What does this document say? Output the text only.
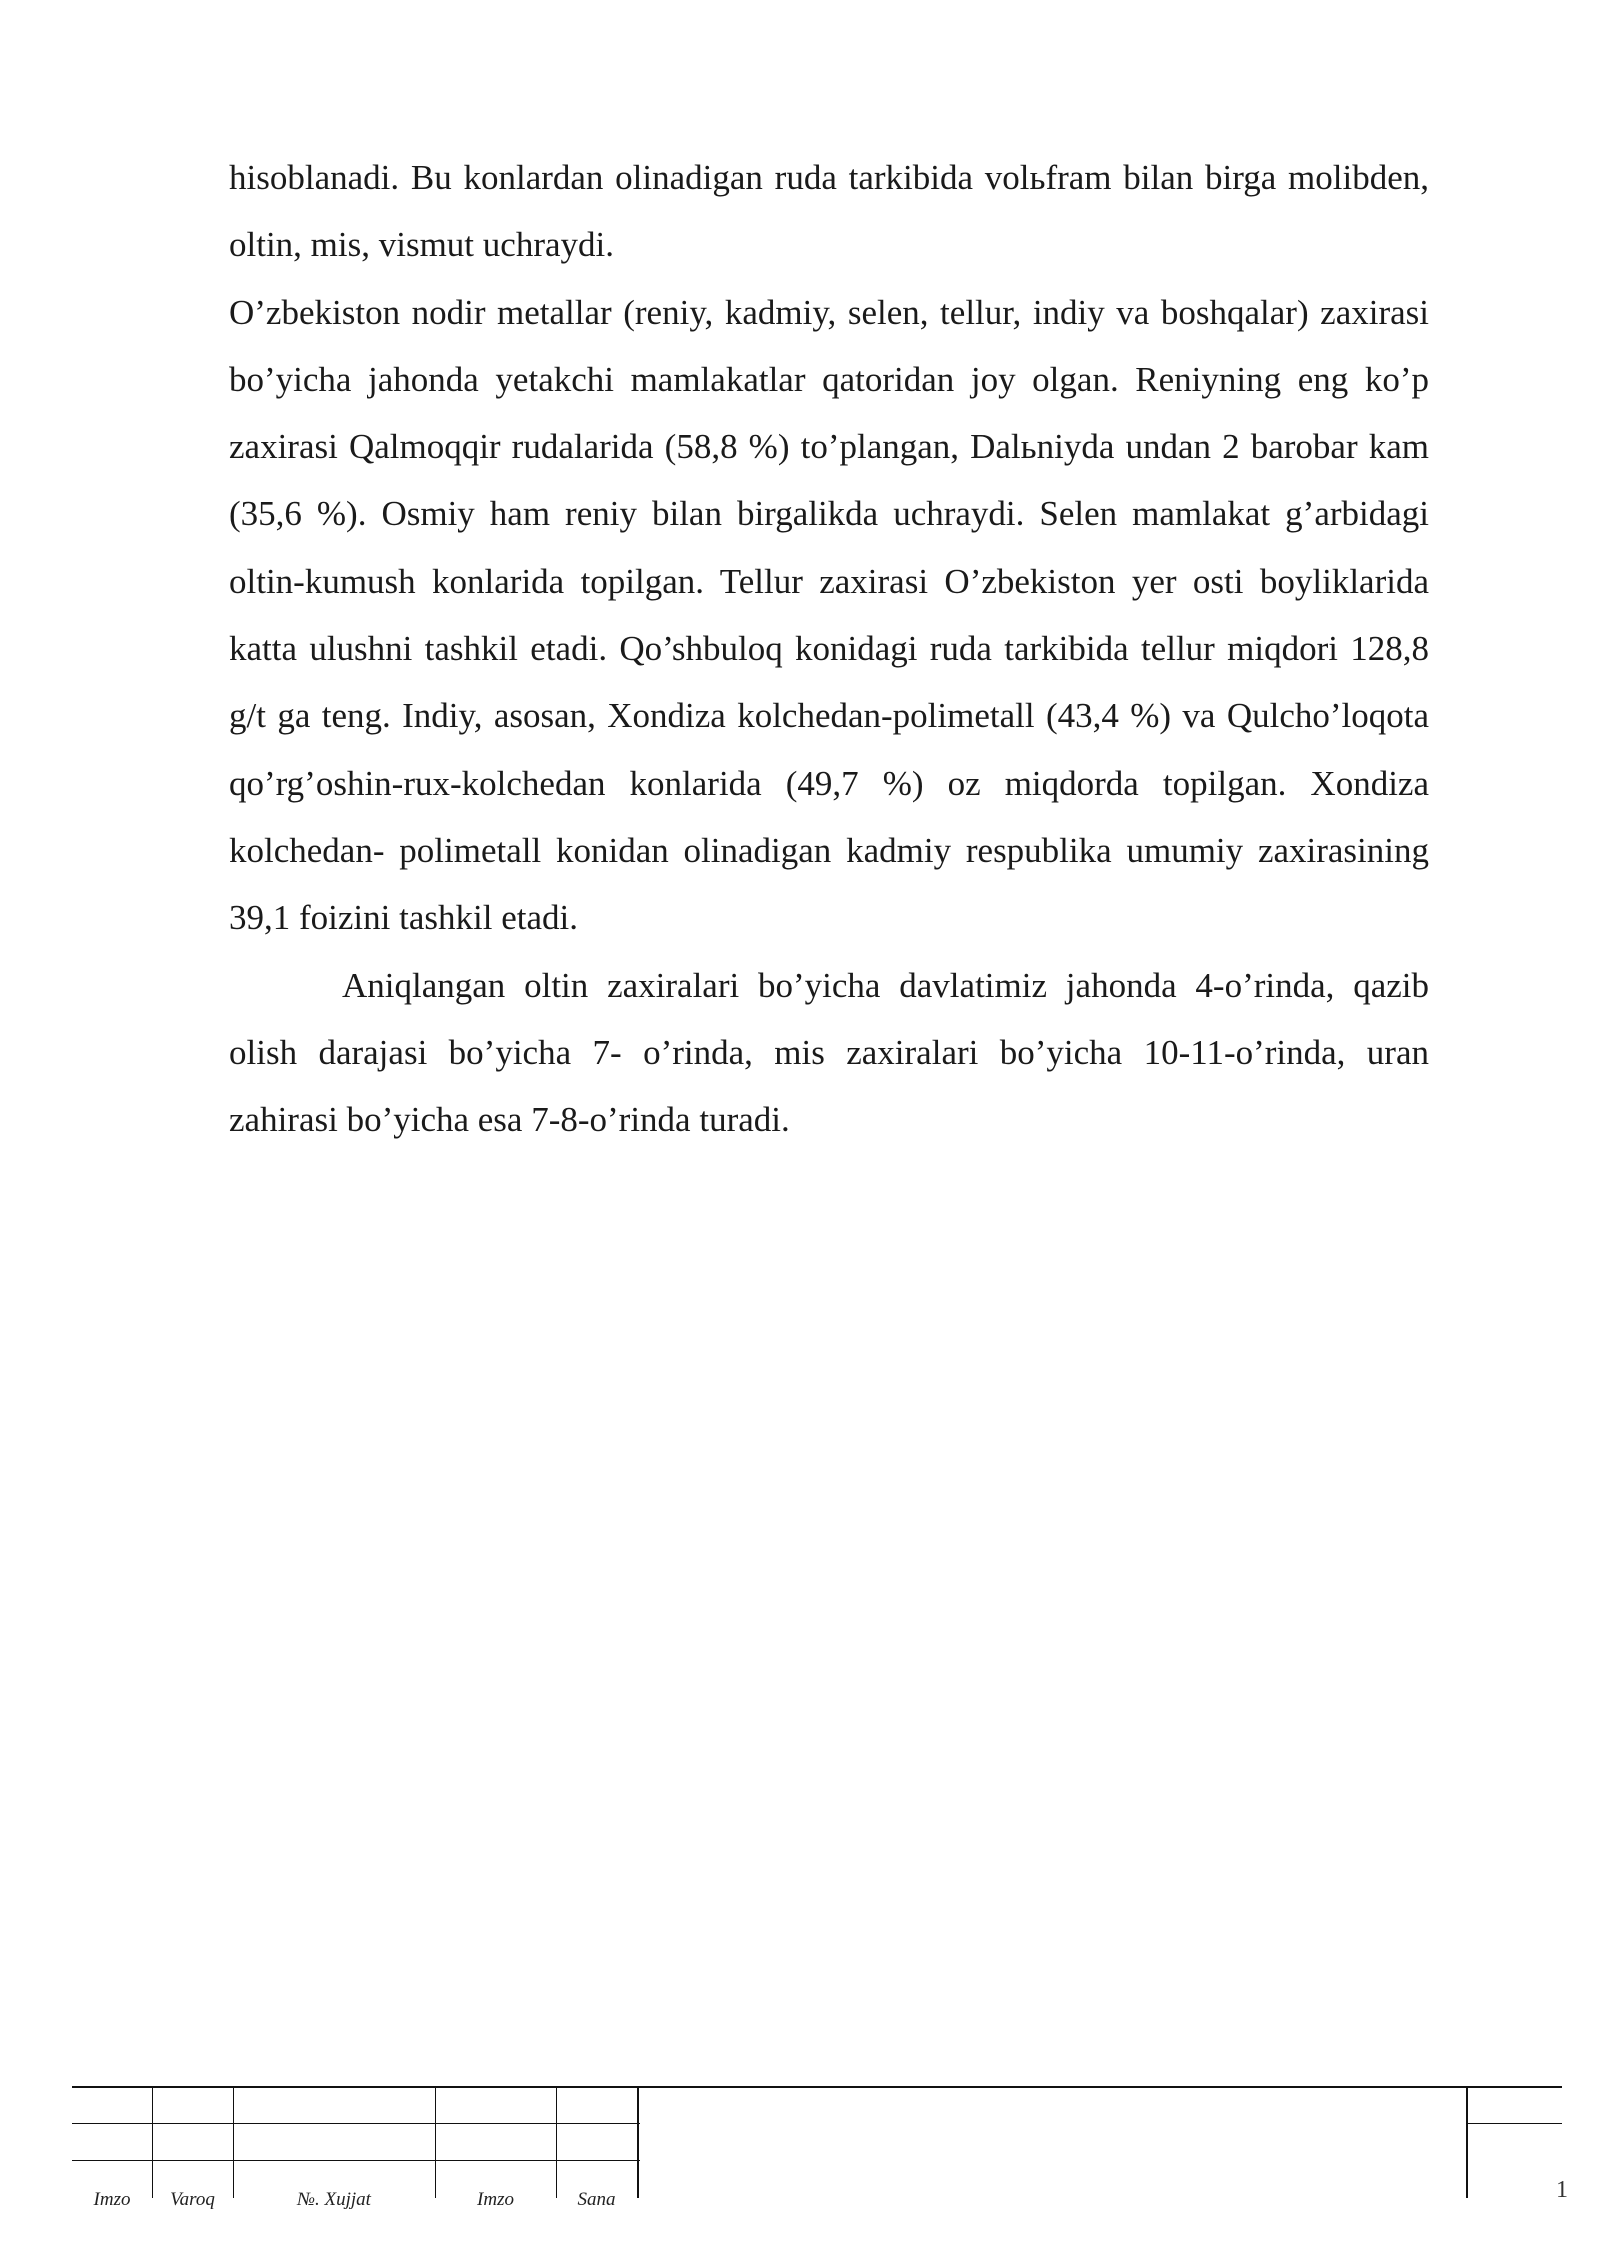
hisoblanadi. Bu konlardan olinadigan ruda tarkibida volьfram bilan birga molibden, oltin, mis, vismut uchraydi.

O’zbekiston nodir metallar (reniy, kadmiy, selen, tellur, indiy va boshqalar) zaxirasi bo’yicha jahonda yetakchi mamlakatlar qatoridan joy olgan. Reniyning eng ko’p zaxirasi Qalmoqqir rudalarida (58,8 %) to’plangan, Dalьniyda undan 2 barobar kam (35,6 %). Osmiy ham reniy bilan birgalikda uchraydi. Selen mamlakat g’arbidagi oltin-kumush konlarida topilgan. Tellur zaxirasi O’zbekiston yer osti boyliklarida katta ulushni tashkil etadi. Qo’shbuloq konidagi ruda tarkibida tellur miqdori 128,8 g/t ga teng. Indiy, asosan, Xondiza kolchedan-polimetall (43,4 %) va Qulcho’loqota qo’rg’oshin-rux-kolchedan konlarida (49,7 %) oz miqdorda topilgan. Xondiza kolchedan- polimetall konidan olinadigan kadmiy respublika umumiy zaxirasining 39,1 foizini tashkil etadi.

Aniqlangan oltin zaxiralari bo’yicha davlatimiz jahonda 4-o’rinda, qazib olish darajasi bo’yicha 7- o’rinda, mis zaxiralari bo’yicha 10-11-o’rinda, uran zahirasi bo’yicha esa 7-8-o’rinda turadi.

Imzo	Varoq	№. Xujjat	Imzo	Sana	1
